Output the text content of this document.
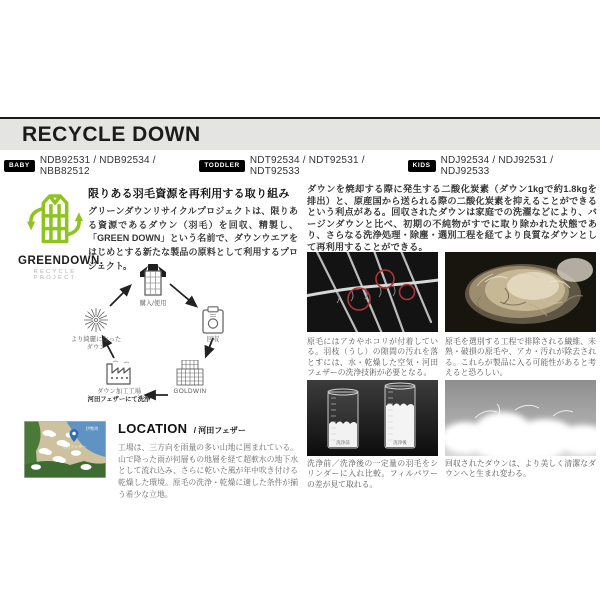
RECYCLE DOWN
BABY	NDB92531 / NDB92534 / NBB82512
TODDLER	NDT92534 / NDT92531 / NDT92533
KIDS	NDJ92534 / NDJ92531 / NDJ92533
GREENDOWN.
RECYCLE PROJECT

限りある羽毛資源を再利用する取り組み

グリーンダウンリサイクルプロジェクトは、限りある資源であるダウン（羽毛）を回収、精製し、「GREEN DOWN」という名前で、ダウンウエアをはじめとする新たな製品の原料として利用するプロジェクト。

購入/使用
回収
GOLDWIN
ダウン加工工場
河田フェザーにて洗浄
より綺麗になった
ダウン
伊勢湾
河田フェザー
LOCATION / 河田フェザー
工場は、三方向を雨量の多い山地に囲まれている。山で降った雨が何層もの地層を経て超軟水の地下水として流れ込み、さらに乾いた風が年中吹き付ける乾燥した環境。原毛の洗浄・乾燥に適した条件が揃う希少な立地。
ダウンを焼却する際に発生する二酸化炭素（ダウン1kgで約1.8kgを排出）と、原産国から送られる際の二酸化炭素を抑えることができるという利点がある。回収されたダウンは家庭での洗濯などにより、バージンダウンと比べ、初期の不純物がすでに取り除かれた状態であり、さらなる洗浄処理・除塵・選別工程を経てより良質なダウンとして再利用することができる。
原毛にはアカやホコリが付着している。羽枝（うし）の隙間の汚れを落とすには、水・乾燥した空気・河田フェザーの洗浄技術が必要となる。
原毛を選別する工程で排除される繊維、未熟・破損の原毛や、アカ・汚れが除去される。これらが製品に入る可能性があると考えると恐ろしい。
洗浄前	洗浄後
洗浄前／洗浄後の一定量の羽毛をシリンダーに入れ比較。フィルパワーの差が見て取れる。
回収されたダウンは、より美しく清潔なダウンへと生まれ変わる。
